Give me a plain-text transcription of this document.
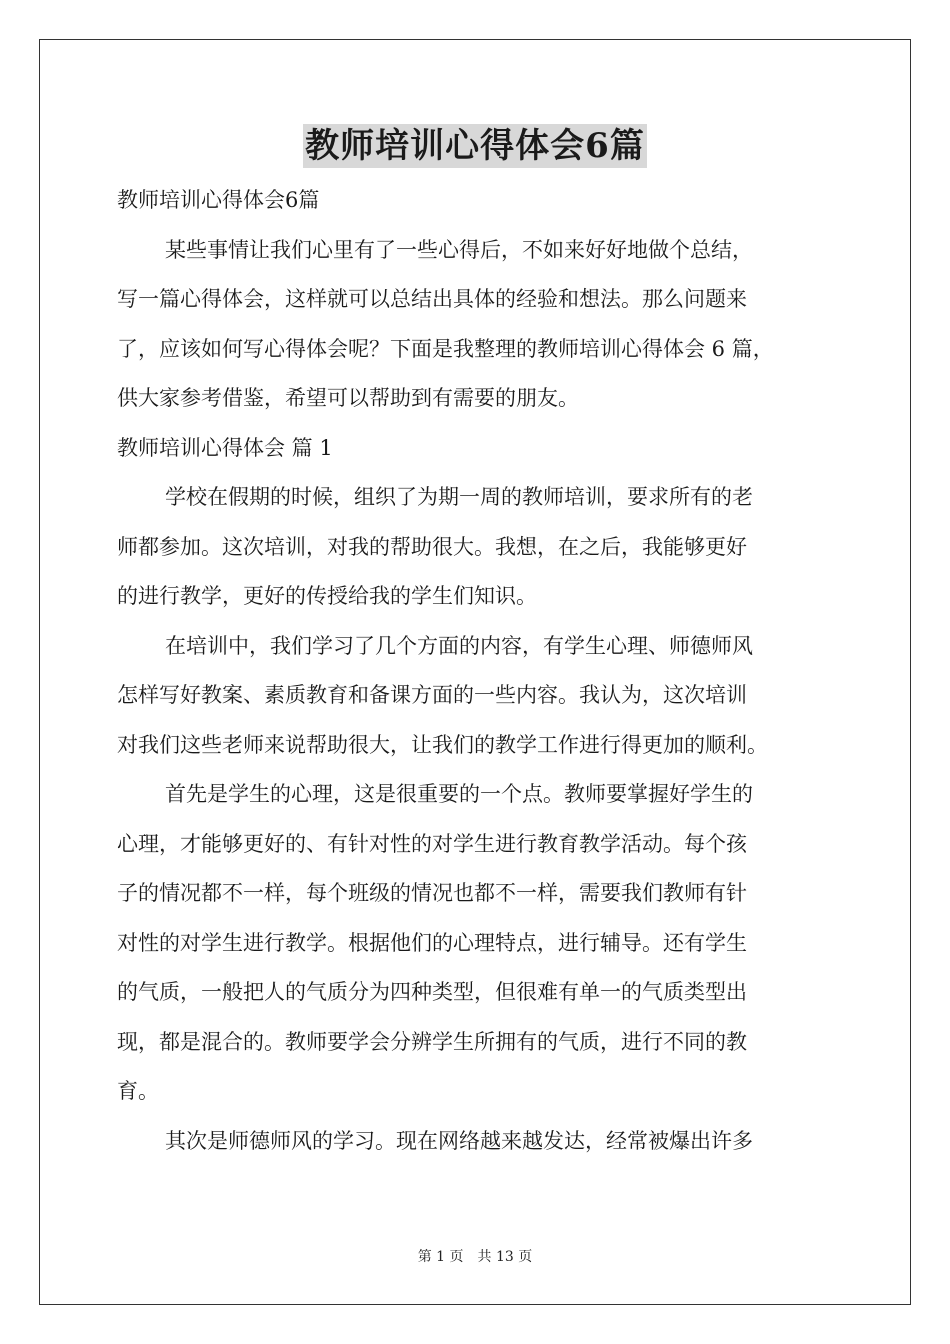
教师培训心得体会6篇

教师培训心得体会6篇

某些事情让我们心里有了一些心得后，不如来好好地做个总结，

写一篇心得体会，这样就可以总结出具体的经验和想法。那么问题来

了，应该如何写心得体会呢？下面是我整理的教师培训心得体会 6 篇，

供大家参考借鉴，希望可以帮助到有需要的朋友。

教师培训心得体会 篇 1

学校在假期的时候，组织了为期一周的教师培训，要求所有的老

师都参加。这次培训，对我的帮助很大。我想，在之后，我能够更好

的进行教学，更好的传授给我的学生们知识。

在培训中，我们学习了几个方面的内容，有学生心理、师德师风

怎样写好教案、素质教育和备课方面的一些内容。我认为，这次培训

对我们这些老师来说帮助很大，让我们的教学工作进行得更加的顺利。

首先是学生的心理，这是很重要的一个点。教师要掌握好学生的

心理，才能够更好的、有针对性的对学生进行教育教学活动。每个孩

子的情况都不一样，每个班级的情况也都不一样，需要我们教师有针

对性的对学生进行教学。根据他们的心理特点，进行辅导。还有学生

的气质，一般把人的气质分为四种类型，但很难有单一的气质类型出

现，都是混合的。教师要学会分辨学生所拥有的气质，进行不同的教

育。

其次是师德师风的学习。现在网络越来越发达，经常被爆出许多

第 1 页　共 13 页
